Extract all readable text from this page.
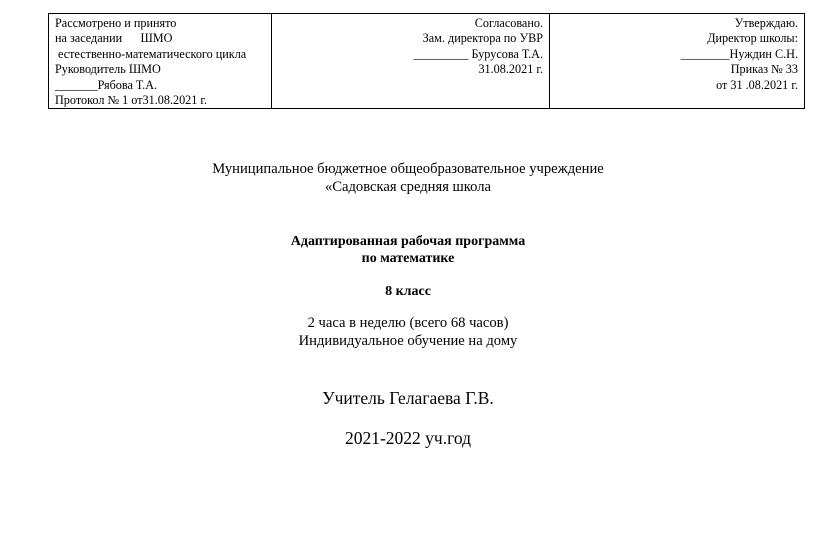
Рассмотрено и принято
на заседании      ШМО
естественно-математического цикла
Руководитель ШМО
_______Рябова Т.А.
Протокол № 1 от31.08.2021 г.

Согласовано.
Зам. директора по УВР
_________ Бурусова Т.А.
31.08.2021 г.

Утверждаю.
Директор школы:
________Нуждин С.Н.
Приказ № 33
от 31 .08.2021 г.
Муниципальное бюджетное общеобразовательное учреждение
«Садовская средняя школа
Адаптированная рабочая программа
по математике
8 класс
2 часа в неделю (всего 68 часов)
Индивидуальное обучение на дому
Учитель Гелагаева Г.В.
2021-2022 уч.год
